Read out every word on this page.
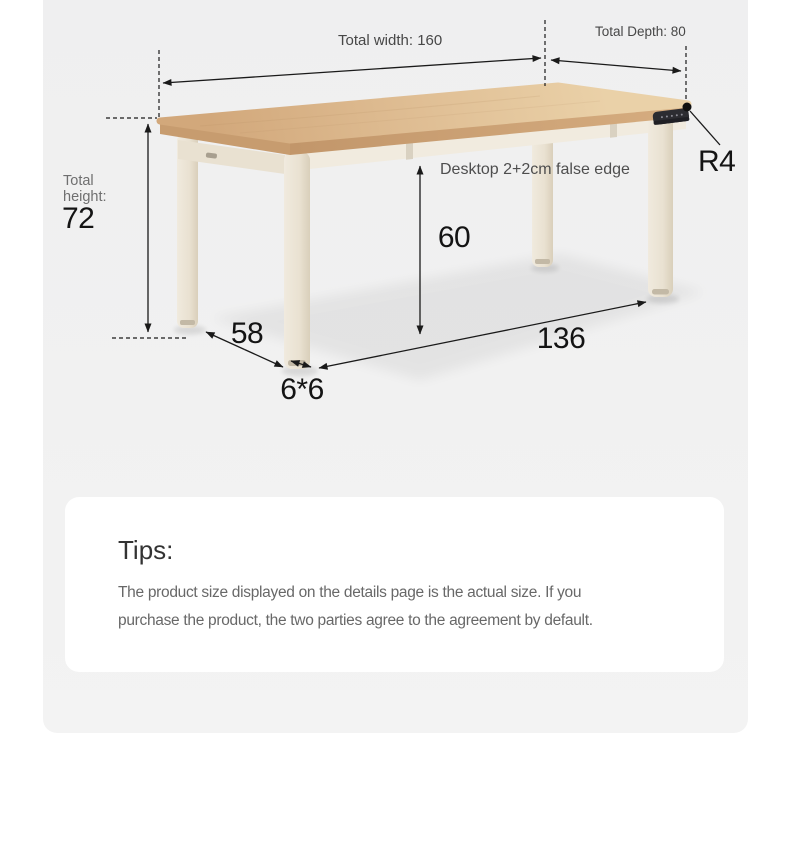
Total width: 160
Total Depth: 80
Total
height:
72
Desktop 2+2cm false edge
60
R4
58
6*6
136
Tips:
The product size displayed on the details page is the actual size. If you
purchase the product, the two parties agree to the agreement by default.
